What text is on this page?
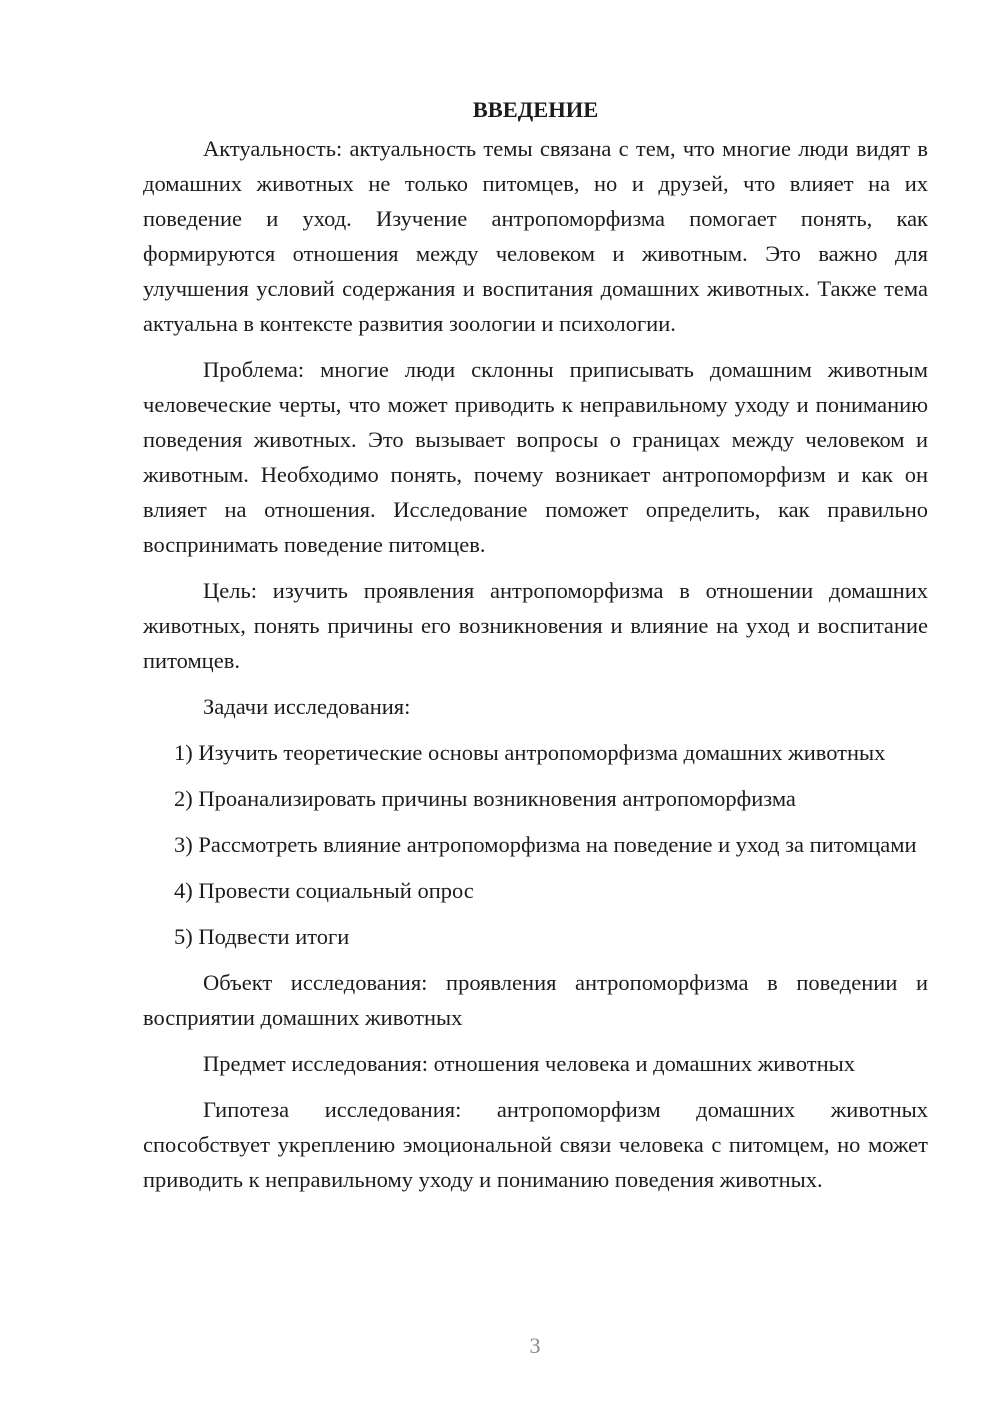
ВВЕДЕНИЕ

Актуальность: актуальность темы связана с тем, что многие люди видят в домашних животных не только питомцев, но и друзей, что влияет на их поведение и уход. Изучение антропоморфизма помогает понять, как формируются отношения между человеком и животным. Это важно для улучшения условий содержания и воспитания домашних животных. Также тема актуальна в контексте развития зоологии и психологии.

Проблема: многие люди склонны приписывать домашним животным человеческие черты, что может приводить к неправильному уходу и пониманию поведения животных. Это вызывает вопросы о границах между человеком и животным. Необходимо понять, почему возникает антропоморфизм и как он влияет на отношения. Исследование поможет определить, как правильно воспринимать поведение питомцев.

Цель: изучить проявления антропоморфизма в отношении домашних животных, понять причины его возникновения и влияние на уход и воспитание питомцев.

Задачи исследования:

1) Изучить теоретические основы антропоморфизма домашних животных

2) Проанализировать причины возникновения антропоморфизма

3) Рассмотреть влияние антропоморфизма на поведение и уход за питомцами

4) Провести социальный опрос

5) Подвести итоги

Объект исследования: проявления антропоморфизма в поведении и восприятии домашних животных

Предмет исследования: отношения человека и домашних животных

Гипотеза исследования: антропоморфизм домашних животных способствует укреплению эмоциональной связи человека с питомцем, но может приводить к неправильному уходу и пониманию поведения животных.

3
